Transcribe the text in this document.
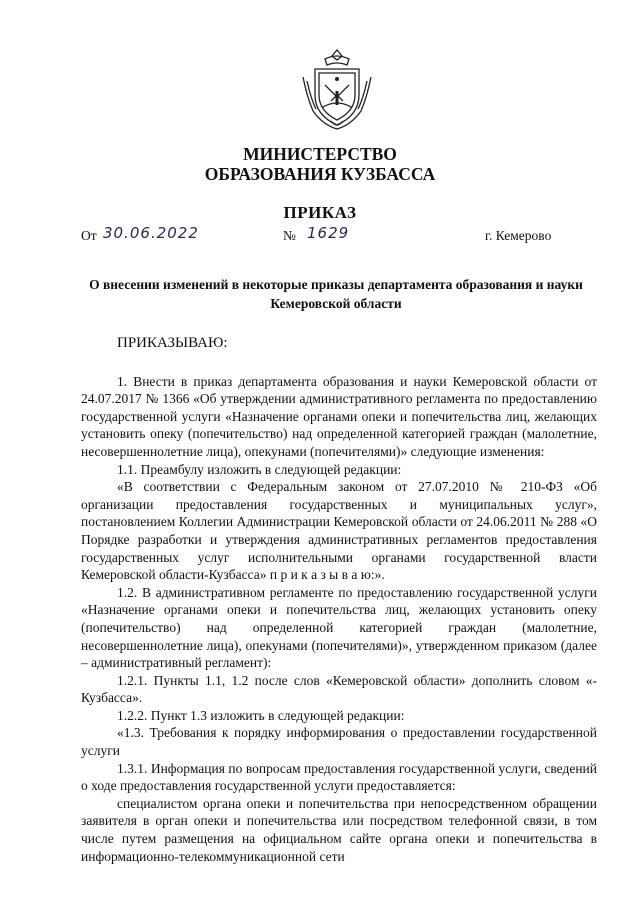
МИНИСТЕРСТВО
ОБРАЗОВАНИЯ КУЗБАССА
ПРИКАЗ
От 30.06.2022	№ 1629	г. Кемерово
О внесении изменений в некоторые приказы департамента образования и науки Кемеровской области

ПРИКАЗЫВАЮ:

1. Внести в приказ департамента образования и науки Кемеровской области от 24.07.2017 № 1366 «Об утверждении административного регламента по предоставлению государственной услуги «Назначение органами опеки и попечительства лиц, желающих установить опеку (попечительство) над определенной категорией граждан (малолетние, несовершеннолетние лица), опекунами (попечителями)» следующие изменения:

1.1. Преамбулу изложить в следующей редакции:

«В соответствии с Федеральным законом от 27.07.2010 № 210-ФЗ «Об организации предоставления государственных и муниципальных услуг», постановлением Коллегии Администрации Кемеровской области от 24.06.2011 № 288 «О Порядке разработки и утверждения административных регламентов предоставления государственных услуг исполнительными органами государственной власти Кемеровской области-Кузбасса» п р и к а з ы в а ю:».

1.2. В административном регламенте по предоставлению государственной услуги «Назначение органами опеки и попечительства лиц, желающих установить опеку (попечительство) над определенной категорией граждан (малолетние, несовершеннолетние лица), опекунами (попечителями)», утвержденном приказом (далее – административный регламент):

1.2.1. Пункты 1.1, 1.2 после слов «Кемеровской области» дополнить словом «-Кузбасса».

1.2.2. Пункт 1.3 изложить в следующей редакции:

«1.3. Требования к порядку информирования о предоставлении государственной услуги

1.3.1. Информация по вопросам предоставления государственной услуги, сведений о ходе предоставления государственной услуги предоставляется:

специалистом органа опеки и попечительства при непосредственном обращении заявителя в орган опеки и попечительства или посредством телефонной связи, в том числе путем размещения на официальном сайте органа опеки и попечительства в информационно-телекоммуникационной сети
